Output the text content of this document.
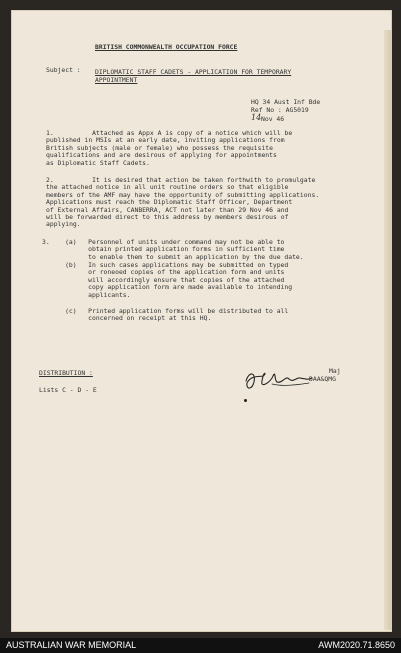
BRITISH COMMONWEALTH OCCUPATION FORCE
Subject : DIPLOMATIC STAFF CADETS - APPLICATION FOR TEMPORARY
APPOINTMENT
HQ 34 Aust Inf Bde
Ref No : AG5019
14 Nov 46
1.          Attached as Appx A is copy of a notice which will be
published in MSIs at an early date, inviting applications from
British subjects (male or female) who possess the requisite
qualifications and are desirous of applying for appointments
as Diplomatic Staff Cadets.
2.          It is desired that action be taken forthwith to promulgate
the attached notice in all unit routine orders so that eligible
members of the AMF may have the opportunity of submitting applications.
Applications must reach the Diplomatic Staff Officer, Department
of External Affairs, CANBERRA, ACT not later than 29 Nov 46 and
will be forwarded direct to this address by members desirous of
applying.
3.    (a)   Personnel of units under command may not be able to
obtain printed application forms in sufficient time
to enable them to submit an application by the due date.
(b)   In such cases applications may be submitted on typed
or roneoed copies of the application form and units
will accordingly ensure that copies of the attached
copy application form are made available to intending
applicants.
(c)   Printed application forms will be distributed to all
concerned on receipt at this HQ.
Maj
DAA&QMG
DISTRIBUTION :
Lists C - D - E
AUSTRALIAN WAR MEMORIAL	AWM2020.71.8650
